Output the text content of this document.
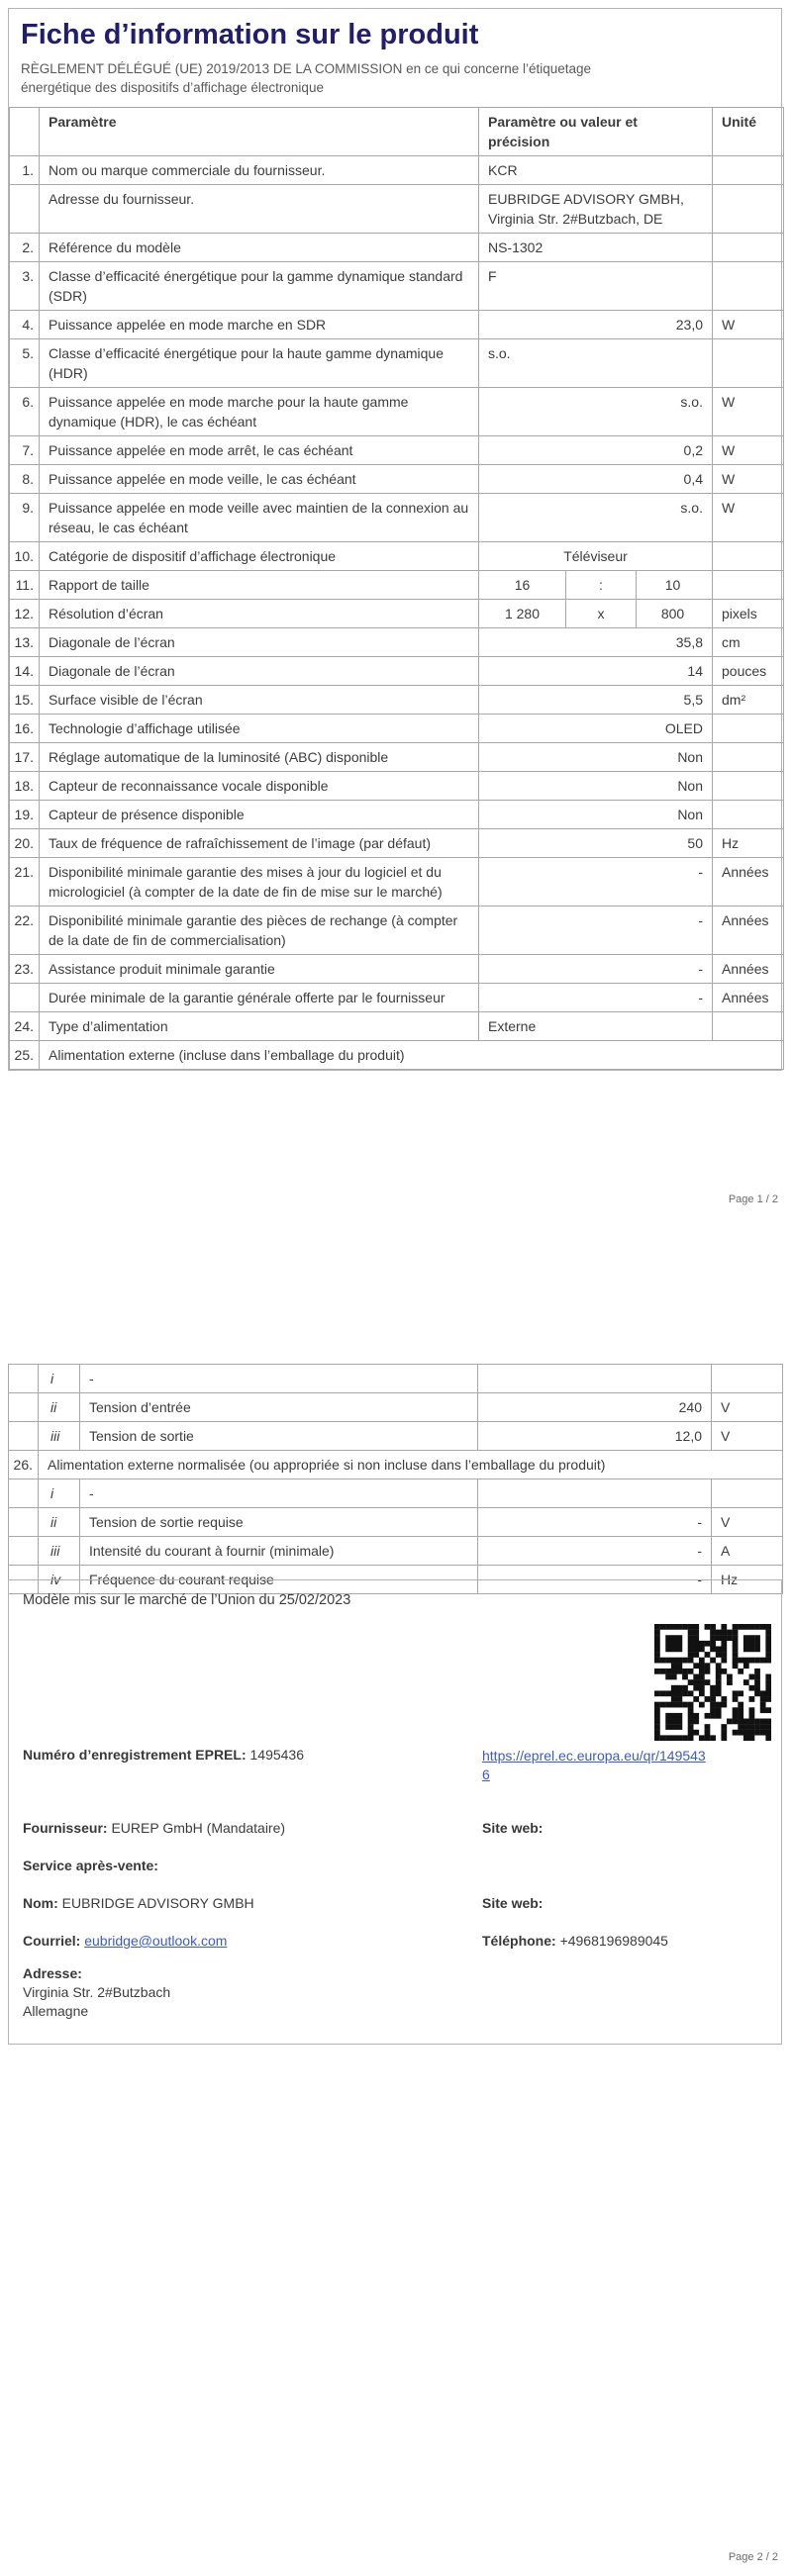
Fiche d’information sur le produit

RÈGLEMENT DÉLÉGUÉ (UE) 2019/2013 DE LA COMMISSION en ce qui concerne l’étiquetage énergétique des dispositifs d’affichage électronique

	Paramètre	Paramètre ou valeur et précision	Unité
1.	Nom ou marque commerciale du fournisseur.	KCR	
	Adresse du fournisseur.	EUBRIDGE ADVISORY GMBH, Virginia Str. 2#Butzbach, DE	
2.	Référence du modèle	NS-1302	
3.	Classe d’efficacité énergétique pour la gamme dynamique standard (SDR)	F	
4.	Puissance appelée en mode marche en SDR	23,0	W
5.	Classe d’efficacité énergétique pour la haute gamme dynamique (HDR)	s.o.	
6.	Puissance appelée en mode marche pour la haute gamme dynamique (HDR), le cas échéant	s.o.	W
7.	Puissance appelée en mode arrêt, le cas échéant	0,2	W
8.	Puissance appelée en mode veille, le cas échéant	0,4	W
9.	Puissance appelée en mode veille avec maintien de la connexion au réseau, le cas échéant	s.o.	W
10.	Catégorie de dispositif d’affichage électronique	Téléviseur	
11.	Rapport de taille	16 : 10	
12.	Résolution d’écran	1 280 x 800	pixels
13.	Diagonale de l’écran	35,8	cm
14.	Diagonale de l’écran	14	pouces
15.	Surface visible de l’écran	5,5	dm²
16.	Technologie d’affichage utilisée	OLED	
17.	Réglage automatique de la luminosité (ABC) disponible	Non	
18.	Capteur de reconnaissance vocale disponible	Non	
19.	Capteur de présence disponible	Non	
20.	Taux de fréquence de rafraîchissement de l’image (par défaut)	50	Hz
21.	Disponibilité minimale garantie des mises à jour du logiciel et du micrologiciel (à compter de la date de fin de mise sur le marché)	-	Années
22.	Disponibilité minimale garantie des pièces de rechange (à compter de la date de fin de commercialisation)	-	Années
23.	Assistance produit minimale garantie	-	Années
	Durée minimale de la garantie générale offerte par le fournisseur	-	Années
24.	Type d’alimentation	Externe	
25.	Alimentation externe (incluse dans l’emballage du produit)		
Page 1 / 2
	i	-		
	ii	Tension d’entrée	240	V
	iii	Tension de sortie	12,0	V
26.	Alimentation externe normalisée (ou appropriée si non incluse dans l’emballage du produit)			
	i	-		
	ii	Tension de sortie requise	-	V
	iii	Intensité du courant à fournir (minimale)	-	A
	iv	Fréquence du courant requise	-	Hz

Modèle mis sur le marché de l’Union du 25/02/2023

Numéro d’enregistrement EPREL: 1495436	https://eprel.ec.europa.eu/qr/1495436
Fournisseur: EUREP GmbH (Mandataire)	Site web:
Service après-vente:
Nom: EUBRIDGE ADVISORY GMBH	Site web:
Courriel: eubridge@outlook.com	Téléphone: +4968196989045
Adresse:
Virginia Str. 2#Butzbach
Allemagne
Page 2 / 2
